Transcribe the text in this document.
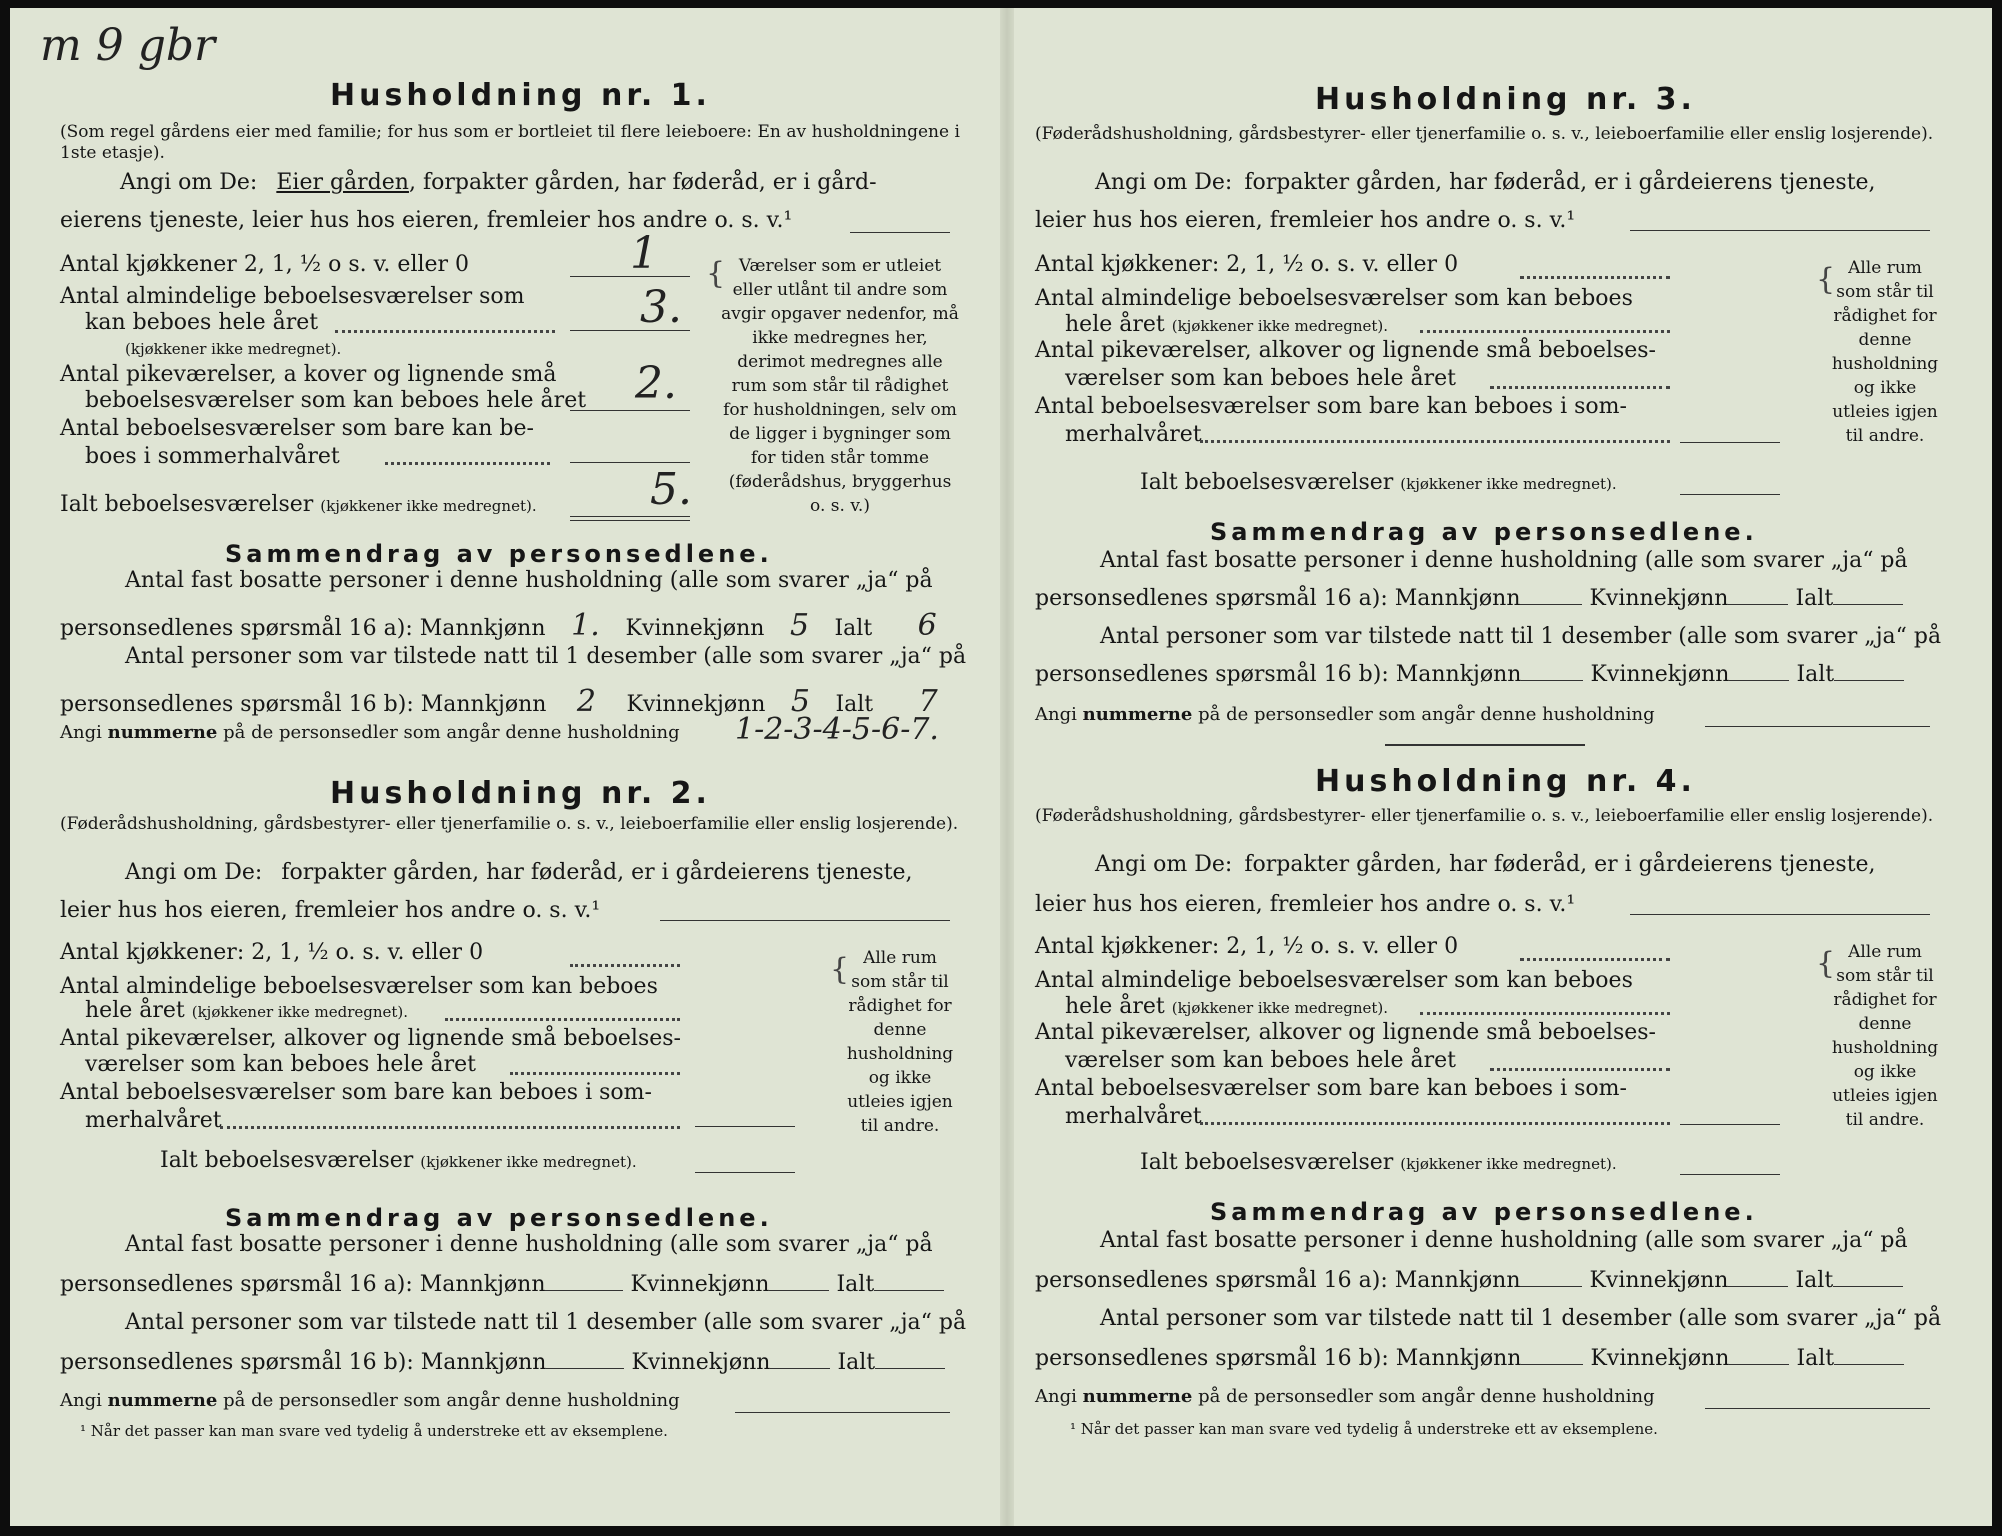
m 9 gbr
Husholdning nr. 1.
(Som regel gårdens eier med familie; for hus som er bortleiet til flere leieboere: En av husholdningene i 1ste etasje).
Angi om De: Eier gården, forpakter gården, har føderåd, er i gård-
eierens tjeneste, leier hus hos eieren, fremleier hos andre o. s. v.¹
Antal kjøkkener 2, 1, ½ o s. v. eller 0	1
Antal almindelige beboelsesværelser som
kan beboes hele året
(kjøkkener ikke medregnet).
3.
Antal pikeværelser, a kover og lignende små
beboelsesværelser som kan beboes hele året 2.
Antal beboelsesværelser som bare kan be-
boes i sommerhalvåret
Ialt beboelsesværelser (kjøkkener ikke medregnet).	5.
{ Værelser som er utleiet eller utlånt til andre som avgir opgaver nedenfor, må ikke medregnes her, derimot medregnes alle rum som står til rådighet for husholdningen, selv om de ligger i bygninger som for tiden står tomme (føderådshus, bryggerhus o. s. v.)
Sammendrag av personsedlene.
Antal fast bosatte personer i denne husholdning (alle som svarer „ja“ på
personsedlenes spørsmål 16 a): Mannkjønn 1. Kvinnekjønn 5 Ialt 6
Antal personer som var tilstede natt til 1 desember (alle som svarer „ja“ på
personsedlenes spørsmål 16 b): Mannkjønn 2 Kvinnekjønn 5 Ialt 7
Angi nummerne på de personsedler som angår denne husholdning 1-2-3-4-5-6-7.
Husholdning nr. 2.
(Føderådshusholdning, gårdsbestyrer- eller tjenerfamilie o. s. v., leieboerfamilie eller enslig losjerende).
Angi om De: forpakter gården, har føderåd, er i gårdeierens tjeneste,
leier hus hos eieren, fremleier hos andre o. s. v.¹
Antal kjøkkener: 2, 1, ½ o. s. v. eller 0
Antal almindelige beboelsesværelser som kan beboes
hele året (kjøkkener ikke medregnet).
Antal pikeværelser, alkover og lignende små beboelses-
værelser som kan beboes hele året
Antal beboelsesværelser som bare kan beboes i som-
merhalvåret
Ialt beboelsesværelser (kjøkkener ikke medregnet).
{ Alle rum som står til rådighet for denne husholdning og ikke utleies igjen til andre.
Sammendrag av personsedlene.
Antal fast bosatte personer i denne husholdning (alle som svarer „ja“ på
personsedlenes spørsmål 16 a): Mannkjønn	Kvinnekjønn	Ialt
Antal personer som var tilstede natt til 1 desember (alle som svarer „ja“ på
personsedlenes spørsmål 16 b): Mannkjønn	Kvinnekjønn	Ialt
Angi nummerne på de personsedler som angår denne husholdning
¹ Når det passer kan man svare ved tydelig å understreke ett av eksemplene.
Husholdning nr. 3.
(Føderådshusholdning, gårdsbestyrer- eller tjenerfamilie o. s. v., leieboerfamilie eller enslig losjerende).
Angi om De: forpakter gården, har føderåd, er i gårdeierens tjeneste,
leier hus hos eieren, fremleier hos andre o. s. v.¹
Antal kjøkkener: 2, 1, ½ o. s. v. eller 0
Antal almindelige beboelsesværelser som kan beboes
hele året (kjøkkener ikke medregnet).
Antal pikeværelser, alkover og lignende små beboelses-
værelser som kan beboes hele året
Antal beboelsesværelser som bare kan beboes i som-
merhalvåret
Ialt beboelsesværelser (kjøkkener ikke medregnet).
{ Alle rum som står til rådighet for denne husholdning og ikke utleies igjen til andre.
Sammendrag av personsedlene.
Antal fast bosatte personer i denne husholdning (alle som svarer „ja“ på
personsedlenes spørsmål 16 a): Mannkjønn	Kvinnekjønn	Ialt
Antal personer som var tilstede natt til 1 desember (alle som svarer „ja“ på
personsedlenes spørsmål 16 b): Mannkjønn	Kvinnekjønn	Ialt
Angi nummerne på de personsedler som angår denne husholdning
Husholdning nr. 4.
(Føderådshusholdning, gårdsbestyrer- eller tjenerfamilie o. s. v., leieboerfamilie eller enslig losjerende).
Angi om De: forpakter gården, har føderåd, er i gårdeierens tjeneste,
leier hus hos eieren, fremleier hos andre o. s. v.¹
Antal kjøkkener: 2, 1, ½ o. s. v. eller 0
Antal almindelige beboelsesværelser som kan beboes
hele året (kjøkkener ikke medregnet).
Antal pikeværelser, alkover og lignende små beboelses-
værelser som kan beboes hele året
Antal beboelsesværelser som bare kan beboes i som-
merhalvåret
Ialt beboelsesværelser (kjøkkener ikke medregnet).
{ Alle rum som står til rådighet for denne husholdning og ikke utleies igjen til andre.
Sammendrag av personsedlene.
Antal fast bosatte personer i denne husholdning (alle som svarer „ja“ på
personsedlenes spørsmål 16 a): Mannkjønn	Kvinnekjønn	Ialt
Antal personer som var tilstede natt til 1 desember (alle som svarer „ja“ på
personsedlenes spørsmål 16 b): Mannkjønn	Kvinnekjønn	Ialt
Angi nummerne på de personsedler som angår denne husholdning
¹ Når det passer kan man svare ved tydelig å understreke ett av eksemplene.
